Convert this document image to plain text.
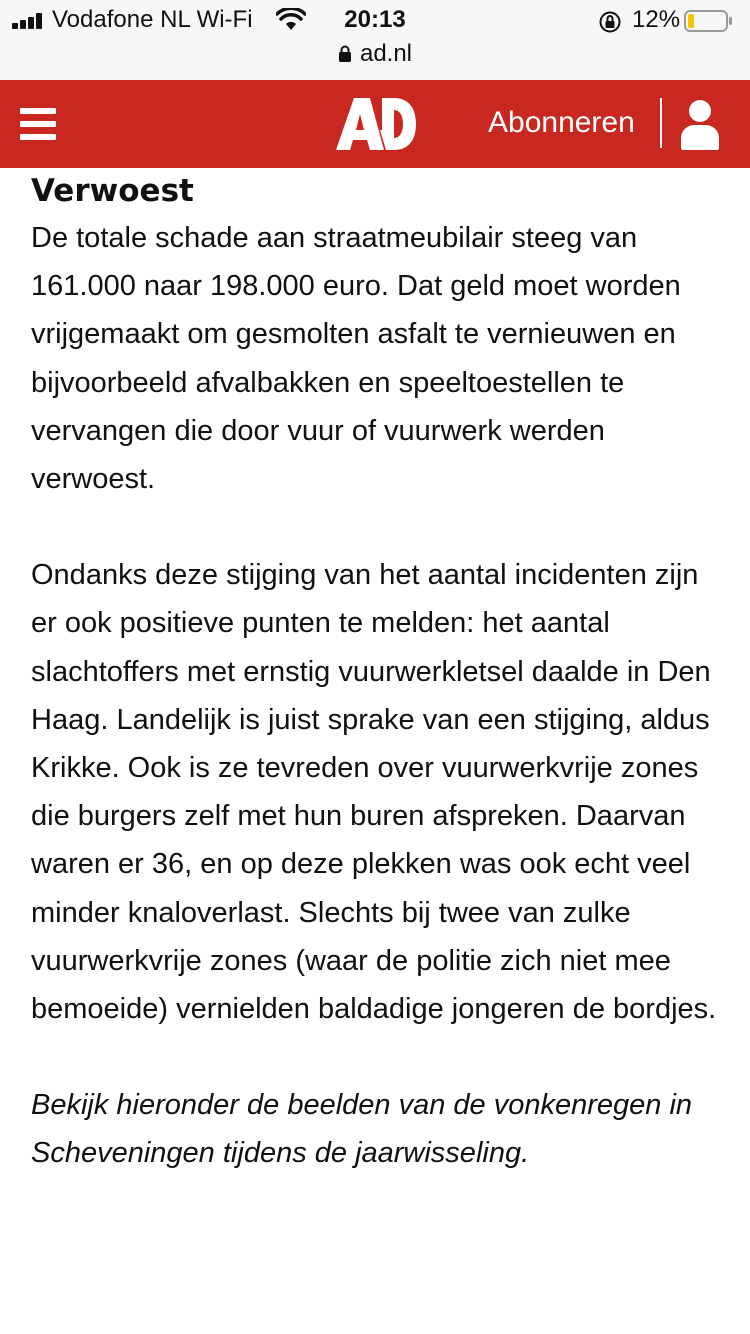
Vodafone NL Wi-Fi	20:13	12%
ad.nl
Abonneren
Verwoest

De totale schade aan straatmeubilair steeg van 161.000 naar 198.000 euro. Dat geld moet worden vrijgemaakt om gesmolten asfalt te vernieuwen en bijvoorbeeld afvalbakken en speeltoestellen te vervangen die door vuur of vuurwerk werden verwoest.

Ondanks deze stijging van het aantal incidenten zijn er ook positieve punten te melden: het aantal slachtoffers met ernstig vuurwerkletsel daalde in Den Haag. Landelijk is juist sprake van een stijging, aldus Krikke. Ook is ze tevreden over vuurwerkvrije zones die burgers zelf met hun buren afspreken. Daarvan waren er 36, en op deze plekken was ook echt veel minder knaloverlast. Slechts bij twee van zulke vuurwerkvrije zones (waar de politie zich niet mee bemoeide) vernielden baldadige jongeren de bordjes.

Bekijk hieronder de beelden van de vonkenregen in Scheveningen tijdens de jaarwisseling.
